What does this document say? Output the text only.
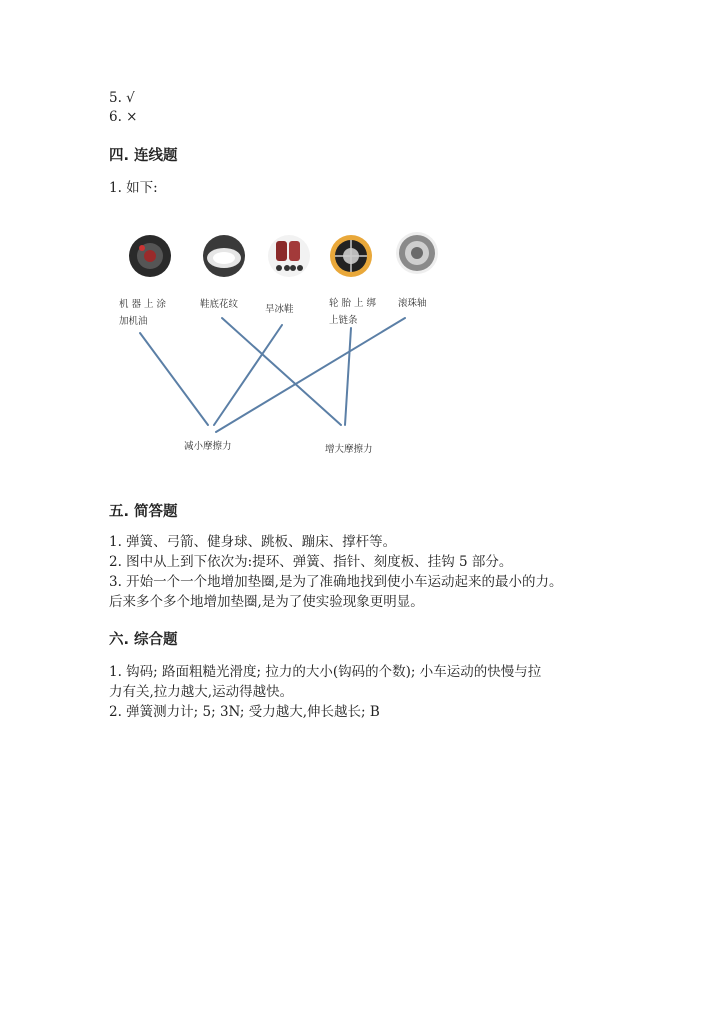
5. √
6. ×
四. 连线题
1. 如下:
机 器 上 涂
加机油
鞋底花纹	旱冰鞋
轮 胎 上 绑
上链条
滚珠轴
减小摩擦力	增大摩擦力
五. 简答题
1. 弹簧、弓箭、健身球、跳板、蹦床、撑杆等。
2. 图中从上到下依次为:提环、弹簧、指针、刻度板、挂钩 5 部分。
3. 开始一个一个地增加垫圈,是为了准确地找到使小车运动起来的最小的力。
后来多个多个地增加垫圈,是为了使实验现象更明显。
六. 综合题
1. 钩码; 路面粗糙光滑度; 拉力的大小(钩码的个数); 小车运动的快慢与拉
力有关,拉力越大,运动得越快。
2. 弹簧测力计; 5; 3N; 受力越大,伸长越长; B
